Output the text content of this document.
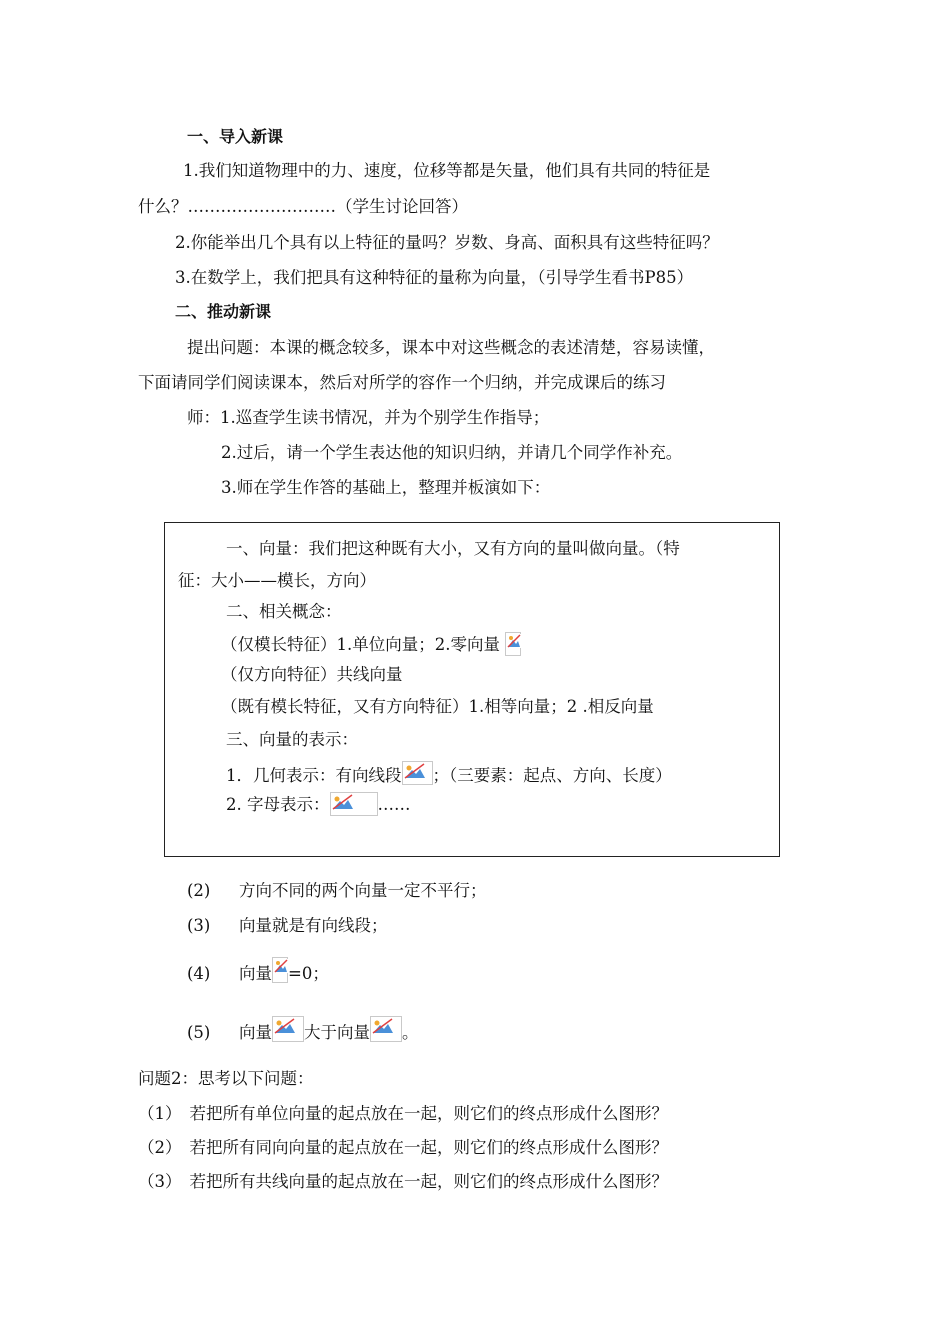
一、导入新课
1.我们知道物理中的力、速度，位移等都是矢量，他们具有共同的特征是
什么？………………………（学生讨论回答）
2.你能举出几个具有以上特征的量吗？岁数、身高、面积具有这些特征吗？
3.在数学上，我们把具有这种特征的量称为向量，（引导学生看书P85）
二、推动新课
提出问题：本课的概念较多，课本中对这些概念的表述清楚，容易读懂，
下面请同学们阅读课本，然后对所学的容作一个归纳，并完成课后的练习
师：1.巡查学生读书情况，并为个别学生作指导；
2.过后，请一个学生表达他的知识归纳，并请几个同学作补充。
3.师在学生作答的基础上，整理并板演如下：
一、向量：我们把这种既有大小，又有方向的量叫做向量。（特
征：大小——模长，方向）
二、相关概念：
（仅模长特征）1.单位向量；2.零向量
（仅方向特征）共线向量
（既有模长特征，又有方向特征）1.相等向量；2 .相反向量
三、向量的表示：
1．几何表示：有向线段 ；（三要素：起点、方向、长度）
2. 字母表示：	……
(2) 方向不同的两个向量一定不平行；
(3) 向量就是有向线段；
(4) 向量 =0；
(5) 向量 大于向量 。
问题2：思考以下问题：
（1） 若把所有单位向量的起点放在一起，则它们的终点形成什么图形？
（2） 若把所有同向向量的起点放在一起，则它们的终点形成什么图形？
（3） 若把所有共线向量的起点放在一起，则它们的终点形成什么图形？
